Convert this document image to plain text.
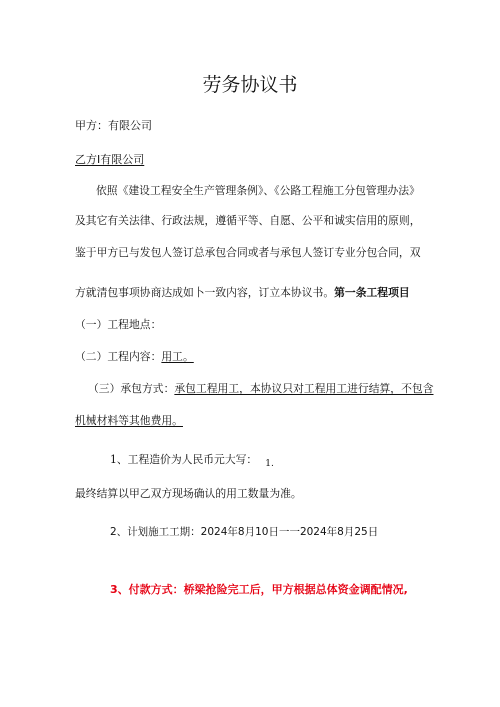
劳务协议书
甲方：有限公司
乙方Ⅰ有限公司
依照《建设工程安全生产管理条例》、《公路工程施工分包管理办法》
及其它有关法律、行政法规，遵循平等、自愿、公平和诚实信用的原则，
鉴于甲方已与发包人签订总承包合同或者与承包人签订专业分包合同，双
方就清包事项协商达成如卜一致内容，订立本协议书。第一条工程项目
（一）工程地点：
（二）工程内容：用工。
（三）承包方式：承包工程用工，本协议只对工程用工进行结算，不包含
机械材料等其他费用。
1、工程造价为人民币元大写： $_{1.}$
最终结算以甲乙双方现场确认的用工数量为准。
2、计划施工工期：2024年8月10日一一2024年8月25日
3、付款方式：桥梁抢险完工后，甲方根据总体资金调配情况,
